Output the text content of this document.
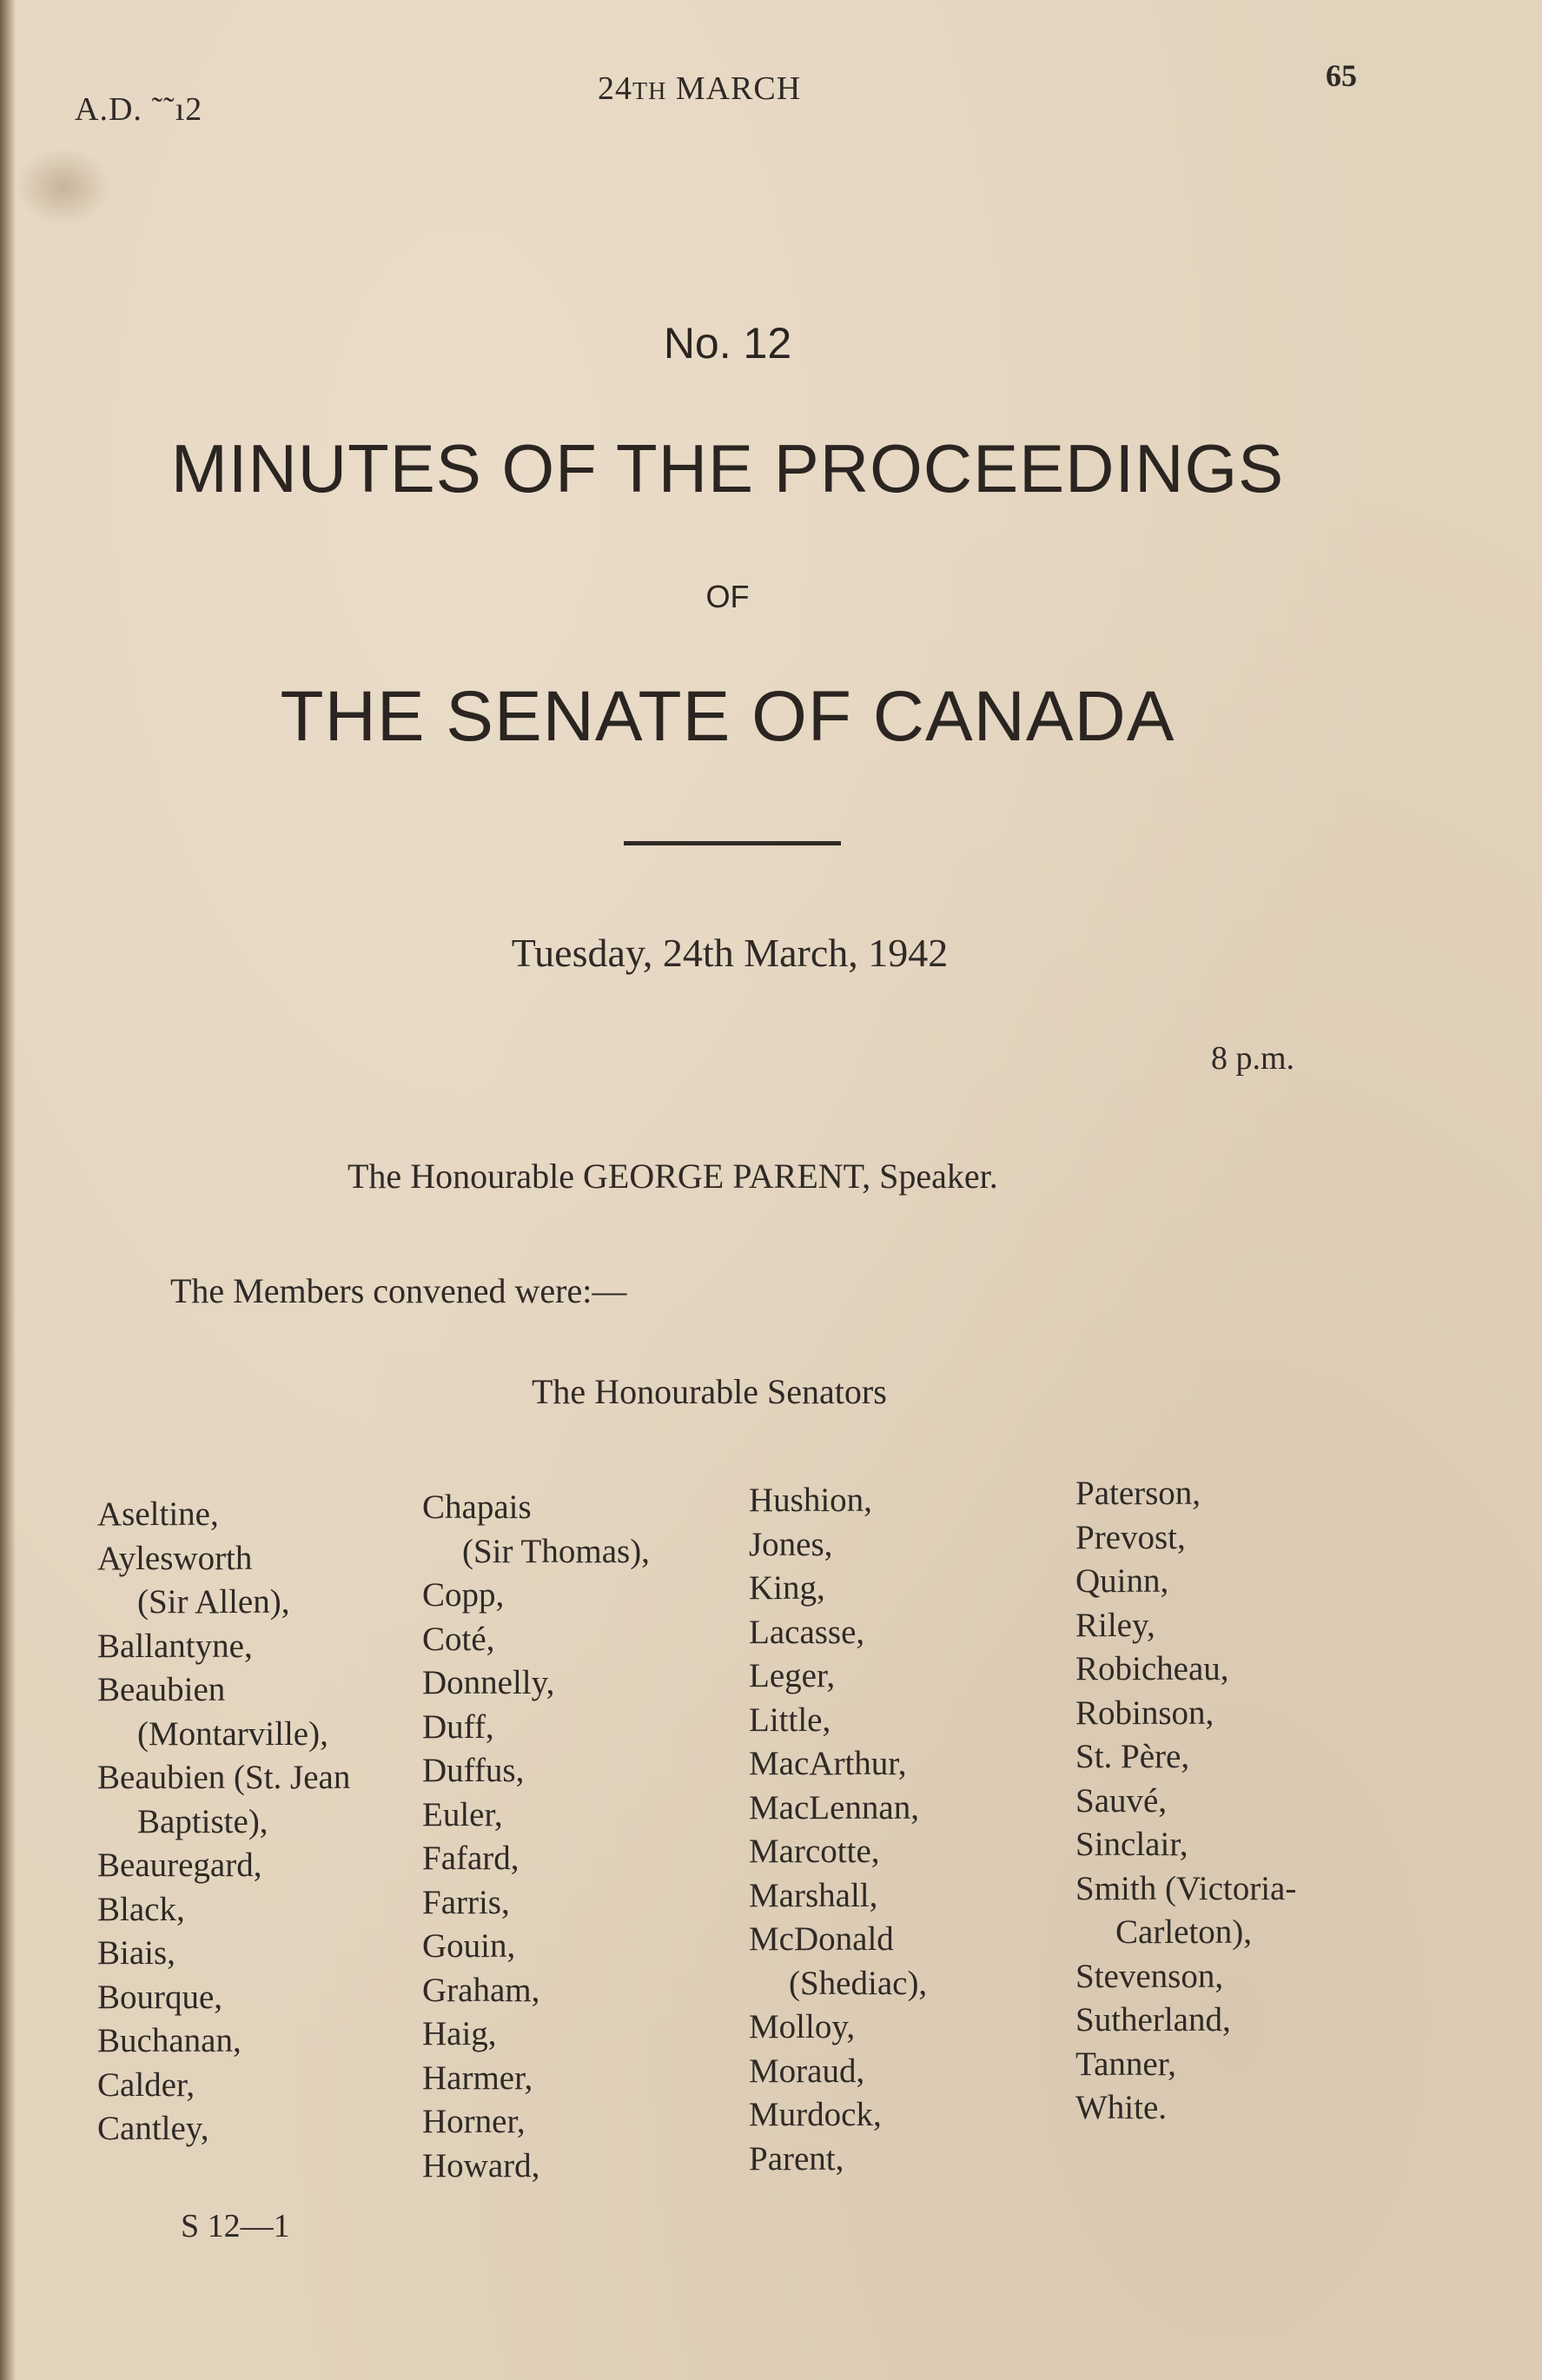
A.D. ˜˜ı2
24TH MARCH	65
No. 12
MINUTES OF THE PROCEEDINGS
OF
THE SENATE OF CANADA
Tuesday, 24th March, 1942
8 p.m.
The Honourable GEORGE PARENT, Speaker.
The Members convened were:—
The Honourable Senators
Aseltine,
Aylesworth
(Sir Allen),
Ballantyne,
Beaubien
(Montarville),
Beaubien (St. Jean
Baptiste),
Beauregard,
Black,
Biais,
Bourque,
Buchanan,
Calder,
Cantley,
Chapais
(Sir Thomas),
Copp,
Coté,
Donnelly,
Duff,
Duffus,
Euler,
Fafard,
Farris,
Gouin,
Graham,
Haig,
Harmer,
Horner,
Howard,
Hushion,
Jones,
King,
Lacasse,
Leger,
Little,
MacArthur,
MacLennan,
Marcotte,
Marshall,
McDonald
(Shediac),
Molloy,
Moraud,
Murdock,
Parent,
Paterson,
Prevost,
Quinn,
Riley,
Robicheau,
Robinson,
St. Père,
Sauvé,
Sinclair,
Smith (Victoria-
Carleton),
Stevenson,
Sutherland,
Tanner,
White.
S 12—1
